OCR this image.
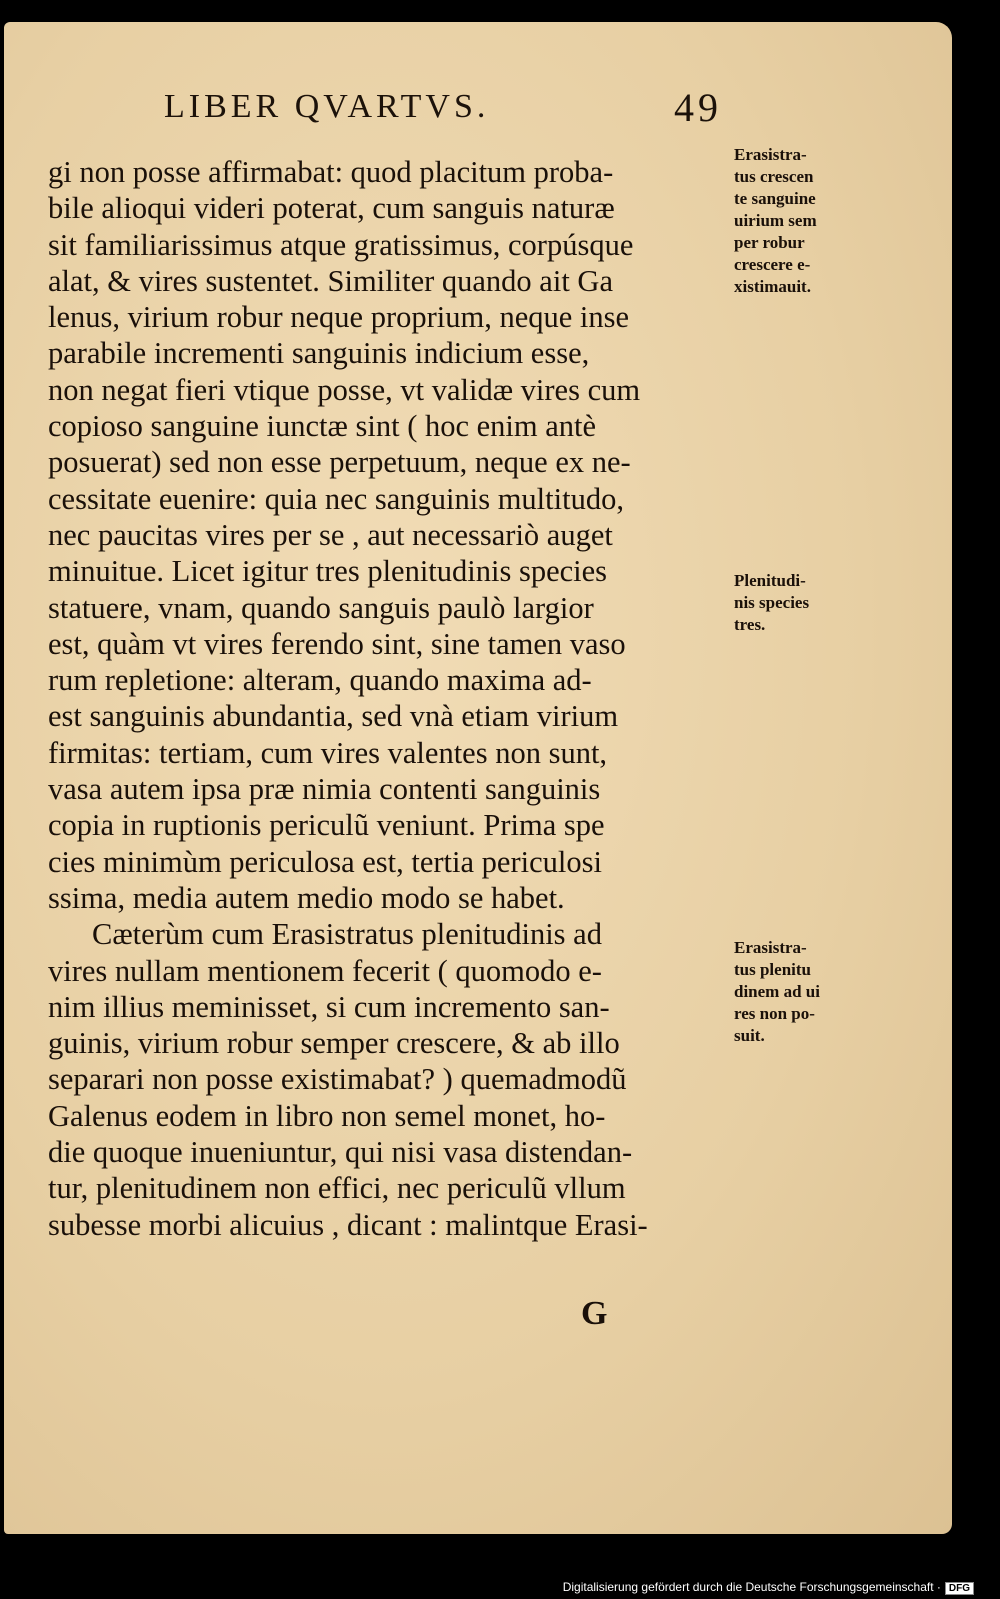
LIBER QVARTVS.	49
gi non posse affirmabat: quod placitum proba-
bile alioqui videri poterat, cum sanguis naturæ
sit familiarissimus atque gratissimus, corpúsque
alat, & vires sustentet. Similiter quando ait Ga
lenus, virium robur neque proprium, neque inse
parabile incrementi sanguinis indicium esse,
non negat fieri vtique posse, vt validæ vires cum
copioso sanguine iunctæ sint ( hoc enim antè
posuerat) sed non esse perpetuum, neque ex ne-
cessitate euenire: quia nec sanguinis multitudo,
nec paucitas vires per se , aut necessariò auget
minuitue. Licet igitur tres plenitudinis species
statuere, vnam, quando sanguis paulò largior
est, quàm vt vires ferendo sint, sine tamen vaso
rum repletione: alteram, quando maxima ad-
est sanguinis abundantia, sed vnà etiam virium
firmitas: tertiam, cum vires valentes non sunt,
vasa autem ipsa præ nimia contenti sanguinis
copia in ruptionis periculũ veniunt. Prima spe
cies minimùm periculosa est, tertia periculosi
ssima, media autem medio modo se habet.
Cæterùm cum Erasistratus plenitudinis ad
vires nullam mentionem fecerit ( quomodo e-
nim illius meminisset, si cum incremento san-
guinis, virium robur semper crescere, & ab illo
separari non posse existimabat? ) quemadmodũ
Galenus eodem in libro non semel monet, ho-
die quoque inueniuntur, qui nisi vasa distendan-
tur, plenitudinem non effici, nec periculũ vllum
subesse morbi alicuius , dicant : malintque Erasi-
G
Erasistra-
tus crescen
te sanguine
uirium sem
per robur
crescere e-
xistimauit.
Plenitudi-
nis species
tres.
Erasistra-
tus plenitu
dinem ad ui
res non po-
suit.
Digitalisierung gefördert durch die Deutsche Forschungsgemeinschaft · DFG
